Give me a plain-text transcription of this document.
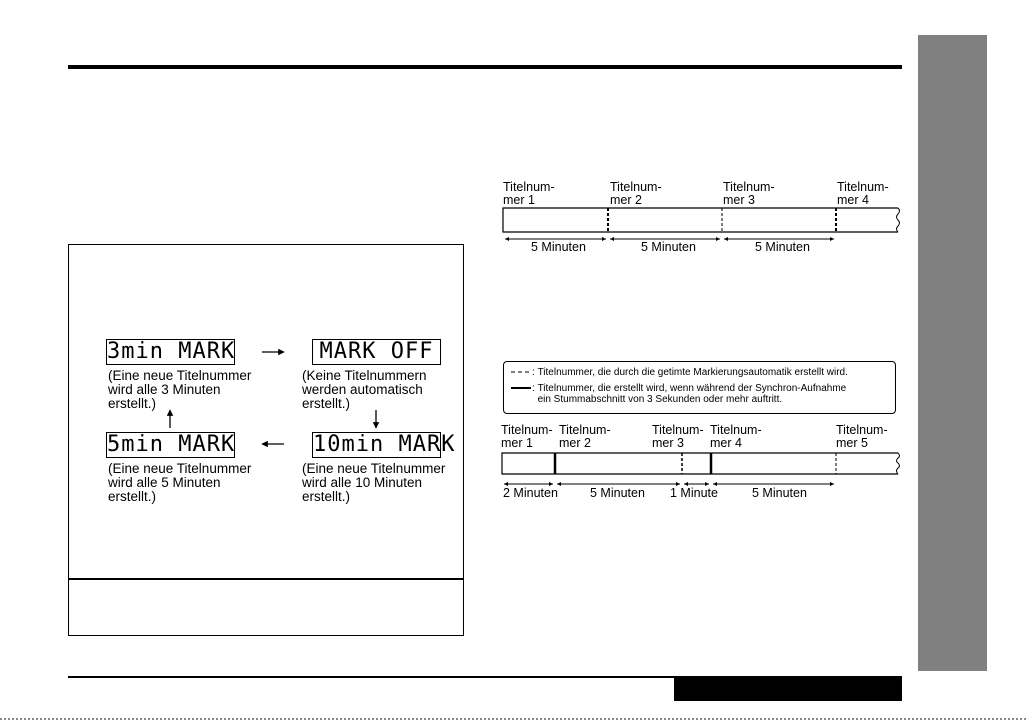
3min MARK	MARK OFF
5min MARK	10min MARK
(Eine neue Titelnummer
wird alle 3 Minuten
erstellt.)
(Keine Titelnummern
werden automatisch
erstellt.)
(Eine neue Titelnummer
wird alle 5 Minuten
erstellt.)
(Eine neue Titelnummer
wird alle 10 Minuten
erstellt.)
Titelnum-
mer 1
Titelnum-
mer 2
Titelnum-
mer 3
Titelnum-
mer 4
5 Minuten	5 Minuten	5 Minuten
: Titelnummer, die durch die getimte Markierungsautomatik erstellt wird.
: Titelnummer, die erstellt wird, wenn während der Synchron-Aufnahme
ein Stummabschnitt von 3 Sekunden oder mehr auftritt.
Titelnum-
mer 1
Titelnum-
mer 2
Titelnum-
mer 3
Titelnum-
mer 4
Titelnum-
mer 5
2 Minuten	5 Minuten 1 Minute	5 Minuten
